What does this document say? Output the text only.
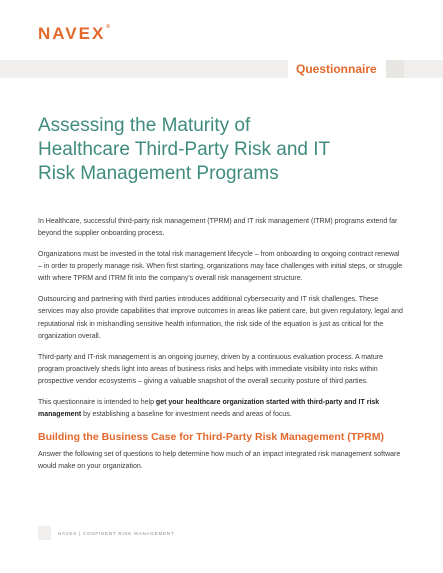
NAVEX®
Questionnaire
Assessing the Maturity of Healthcare Third-Party Risk and IT Risk Management Programs

In Healthcare, successful third-party risk management (TPRM) and IT risk management (ITRM) programs extend far beyond the supplier onboarding process.

Organizations must be invested in the total risk management lifecycle – from onboarding to ongoing contract renewal – in order to properly manage risk. When first starting, organizations may face challenges with initial steps, or struggle with where TPRM and ITRM fit into the company's overall risk management structure.

Outsourcing and partnering with third parties introduces additional cybersecurity and IT risk challenges. These services may also provide capabilities that improve outcomes in areas like patient care, but given regulatory, legal and reputational risk in mishandling sensitive health information, the risk side of the equation is just as critical for the organization overall.

Third-party and IT-risk management is an ongoing journey, driven by a continuous evaluation process. A mature program proactively sheds light into areas of business risks and helps with immediate visibility into risks within prospective vendor ecosystems – giving a valuable snapshot of the overall security posture of third parties.

This questionnaire is intended to help get your healthcare organization started with third-party and IT risk management by establishing a baseline for investment needs and areas of focus.

Building the Business Case for Third-Party Risk Management (TPRM)

Answer the following set of questions to help determine how much of an impact integrated risk management software would make on your organization.

NAVEX | CONFIDENT RISK MANAGEMENT
